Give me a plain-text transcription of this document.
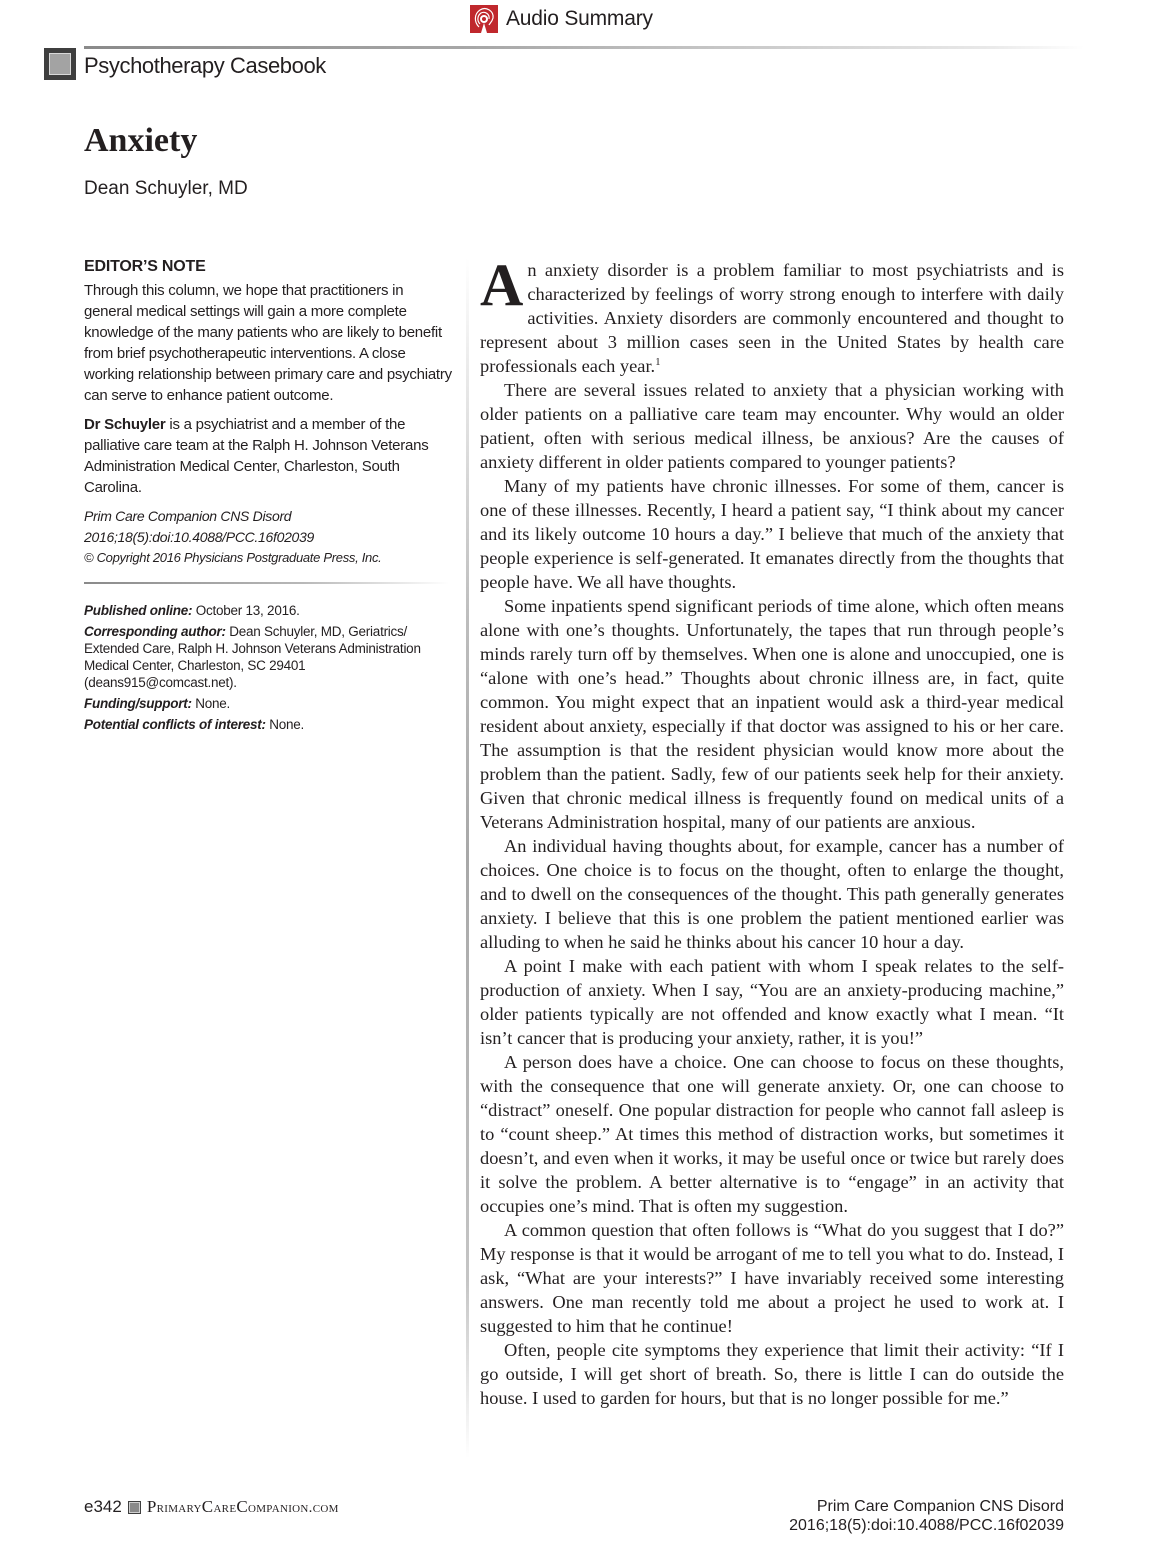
Audio Summary
Psychotherapy Casebook
Anxiety
Dean Schuyler, MD
EDITOR’S NOTE

Through this column, we hope that practitioners in general medical settings will gain a more complete knowledge of the many patients who are likely to benefit from brief psychotherapeutic interventions. A close working relationship between primary care and psychiatry can serve to enhance patient outcome.

Dr Schuyler is a psychiatrist and a member of the palliative care team at the Ralph H. Johnson Veterans Administration Medical Center, Charleston, South Carolina.

Prim Care Companion CNS Disord

2016;18(5):doi:10.4088/PCC.16f02039

© Copyright 2016 Physicians Postgraduate Press, Inc.

Published online: October 13, 2016.

Corresponding author: Dean Schuyler, MD, Geriatrics/ Extended Care, Ralph H. Johnson Veterans Administration Medical Center, Charleston, SC 29401 (deans915@comcast.net).

Funding/support: None.

Potential conflicts of interest: None.

An anxiety disorder is a problem familiar to most psychiatrists and is characterized by feelings of worry strong enough to interfere with daily activities. Anxiety disorders are commonly encountered and thought to represent about 3 million cases seen in the United States by health care professionals each year.$^1$

There are several issues related to anxiety that a physician working with older patients on a palliative care team may encounter. Why would an older patient, often with serious medical illness, be anxious? Are the causes of anxiety different in older patients compared to younger patients?

Many of my patients have chronic illnesses. For some of them, cancer is one of these illnesses. Recently, I heard a patient say, “I think about my cancer and its likely outcome 10 hours a day.” I believe that much of the anxiety that people experience is self-generated. It emanates directly from the thoughts that people have. We all have thoughts.

Some inpatients spend significant periods of time alone, which often means alone with one’s thoughts. Unfortunately, the tapes that run through people’s minds rarely turn off by themselves. When one is alone and unoccupied, one is “alone with one’s head.” Thoughts about chronic illness are, in fact, quite common. You might expect that an inpatient would ask a third-year medical resident about anxiety, especially if that doctor was assigned to his or her care. The assumption is that the resident physician would know more about the problem than the patient. Sadly, few of our patients seek help for their anxiety. Given that chronic medical illness is frequently found on medical units of a Veterans Administration hospital, many of our patients are anxious.

An individual having thoughts about, for example, cancer has a number of choices. One choice is to focus on the thought, often to enlarge the thought, and to dwell on the consequences of the thought. This path generally generates anxiety. I believe that this is one problem the patient mentioned earlier was alluding to when he said he thinks about his cancer 10 hour a day.

A point I make with each patient with whom I speak relates to the self-production of anxiety. When I say, “You are an anxiety-producing machine,” older patients typically are not offended and know exactly what I mean. “It isn’t cancer that is producing your anxiety, rather, it is you!”

A person does have a choice. One can choose to focus on these thoughts, with the consequence that one will generate anxiety. Or, one can choose to “distract” oneself. One popular distraction for people who cannot fall asleep is to “count sheep.” At times this method of distraction works, but sometimes it doesn’t, and even when it works, it may be useful once or twice but rarely does it solve the problem. A better alternative is to “engage” in an activity that occupies one’s mind. That is often my suggestion.

A common question that often follows is “What do you suggest that I do?” My response is that it would be arrogant of me to tell you what to do. Instead, I ask, “What are your interests?” I have invariably received some interesting answers. One man recently told me about a project he used to work at. I suggested to him that he continue!

Often, people cite symptoms they experience that limit their activity: “If I go outside, I will get short of breath. So, there is little I can do outside the house. I used to garden for hours, but that is no longer possible for me.”

e342 PrimaryCareCompanion.com	Prim Care Companion CNS Disord
2016;18(5):doi:10.4088/PCC.16f02039
